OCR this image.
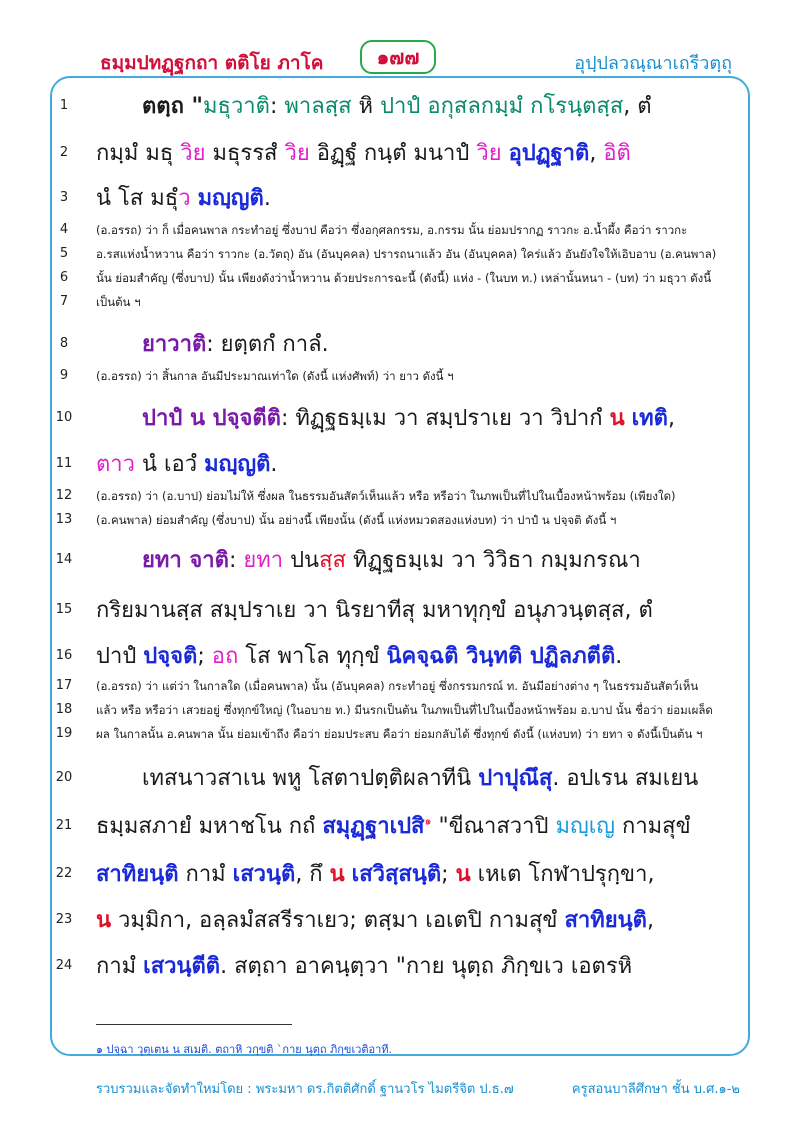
ธมฺมปทฏฺฐกถา ตติโย ภาโค	๑๗๗	อุปฺปลวณฺณาเถรีวตฺถุ
1	ตตฺถ "มธุวาติ: พาลสฺส หิ ปาปํ อกุสลกมฺมํ กโรนฺตสฺส, ตํ
2	กมฺมํ มธุ วิย มธุรรสํ วิย อิฏฺฐํ กนฺตํ มนาปํ วิย อุปฏฺฐาติ, อิติ
3	นํ โส มธุํว มญฺญติ.
4	(อ.อรรถ) ว่า ก็ เมื่อคนพาล กระทำอยู่ ซึ่งบาป คือว่า ซึ่งอกุศลกรรม, อ.กรรม นั้น ย่อมปรากฏ ราวกะ อ.น้ำผึ้ง คือว่า ราวกะ
5	อ.รสแห่งน้ำหวาน คือว่า ราวกะ (อ.วัตถุ) อัน (อันบุคคล) ปรารถนาแล้ว อัน (อันบุคคล) ใคร่แล้ว อันยังใจให้เอิบอาบ (อ.คนพาล)
6	นั้น ย่อมสำคัญ (ซึ่งบาป) นั้น เพียงดังว่าน้ำหวาน ด้วยประการฉะนี้ (ดังนี้) แห่ง - (ในบท ท.) เหล่านั้นหนา - (บท) ว่า มธุวา ดังนี้
7	เป็นต้น ฯ
8	ยาวาติ: ยตฺตกํ กาลํ.
9	(อ.อรรถ) ว่า สิ้นกาล อันมีประมาณเท่าใด (ดังนี้ แห่งศัพท์) ว่า ยาว ดังนี้ ฯ
10	ปาปํ น ปจฺจตีติ: ทิฏฺฐธมฺเม วา สมฺปราเย วา วิปากํ น เทติ,
11	ตาว นํ เอวํ มญฺญติ.
12	(อ.อรรถ) ว่า (อ.บาป) ย่อมไม่ให้ ซึ่งผล ในธรรมอันสัตว์เห็นแล้ว หรือ หรือว่า ในภพเป็นที่ไปในเบื้องหน้าพร้อม (เพียงใด)
13	(อ.คนพาล) ย่อมสำคัญ (ซึ่งบาป) นั้น อย่างนี้ เพียงนั้น (ดังนี้ แห่งหมวดสองแห่งบท) ว่า ปาปํ น ปจฺจติ ดังนี้ ฯ
14	ยทา จาติ: ยทา ปนสฺส ทิฏฺฐธมฺเม วา วิวิธา กมฺมกรณา
15	กริยมานสฺส สมฺปราเย วา นิรยาทีสุ มหาทุกฺขํ อนุภวนฺตสฺส, ตํ
16	ปาปํ ปจฺจติ; อถ โส พาโล ทุกฺขํ นิคจฺฉติ วินฺทติ ปฏิลภตีติ.
17	(อ.อรรถ) ว่า แต่ว่า ในกาลใด (เมื่อคนพาล) นั้น (อันบุคคล) กระทำอยู่ ซึ่งกรรมกรณ์ ท. อันมีอย่างต่าง ๆ ในธรรมอันสัตว์เห็น
18	แล้ว หรือ หรือว่า เสวยอยู่ ซึ่งทุกข์ใหญ่ (ในอบาย ท.) มีนรกเป็นต้น ในภพเป็นที่ไปในเบื้องหน้าพร้อม อ.บาป นั้น ชื่อว่า ย่อมเผล็ด
19	ผล ในกาลนั้น อ.คนพาล นั้น ย่อมเข้าถึง คือว่า ย่อมประสบ คือว่า ย่อมกลับได้ ซึ่งทุกข์ ดังนี้ (แห่งบท) ว่า ยทา จ ดังนี้เป็นต้น ฯ
20	เทสนาวสาเน พหู โสตาปตฺติผลาทีนิ ปาปุณึสุ. อปเรน สมเยน
21	ธมฺมสภายํ มหาชโน กถํ สมุฏฺฐาเปสิ$^๑$ "ขีณาสวาปิ มญฺเญ กามสุขํ
22	สาทิยนฺติ กามํ เสวนฺติ, กึ น เสวิสฺสนฺติ; น เหเต โกฬาปรุกฺขา,
23	น วมฺมิกา, อลฺลมํสสรีราเยว; ตสฺมา เอเตปิ กามสุขํ สาทิยนฺติ,
24	กามํ เสวนฺตีติ. สตฺถา อาคนฺตฺวา "กาย นุตฺถ ภิกฺขเว เอตรหิ
๑ ปจฺฉา วุตฺเตน น สเมติ. ตถาหิ วกฺขติ `กาย นุตฺถ ภิกฺขเวติอาที.
รวบรวมและจัดทำใหม่โดย : พระมหา ดร.กิตติศักดิ์ ฐานวโร ไมตรีจิต ป.ธ.๗	ครูสอนบาลีศึกษา ชั้น บ.ศ.๑-๒
